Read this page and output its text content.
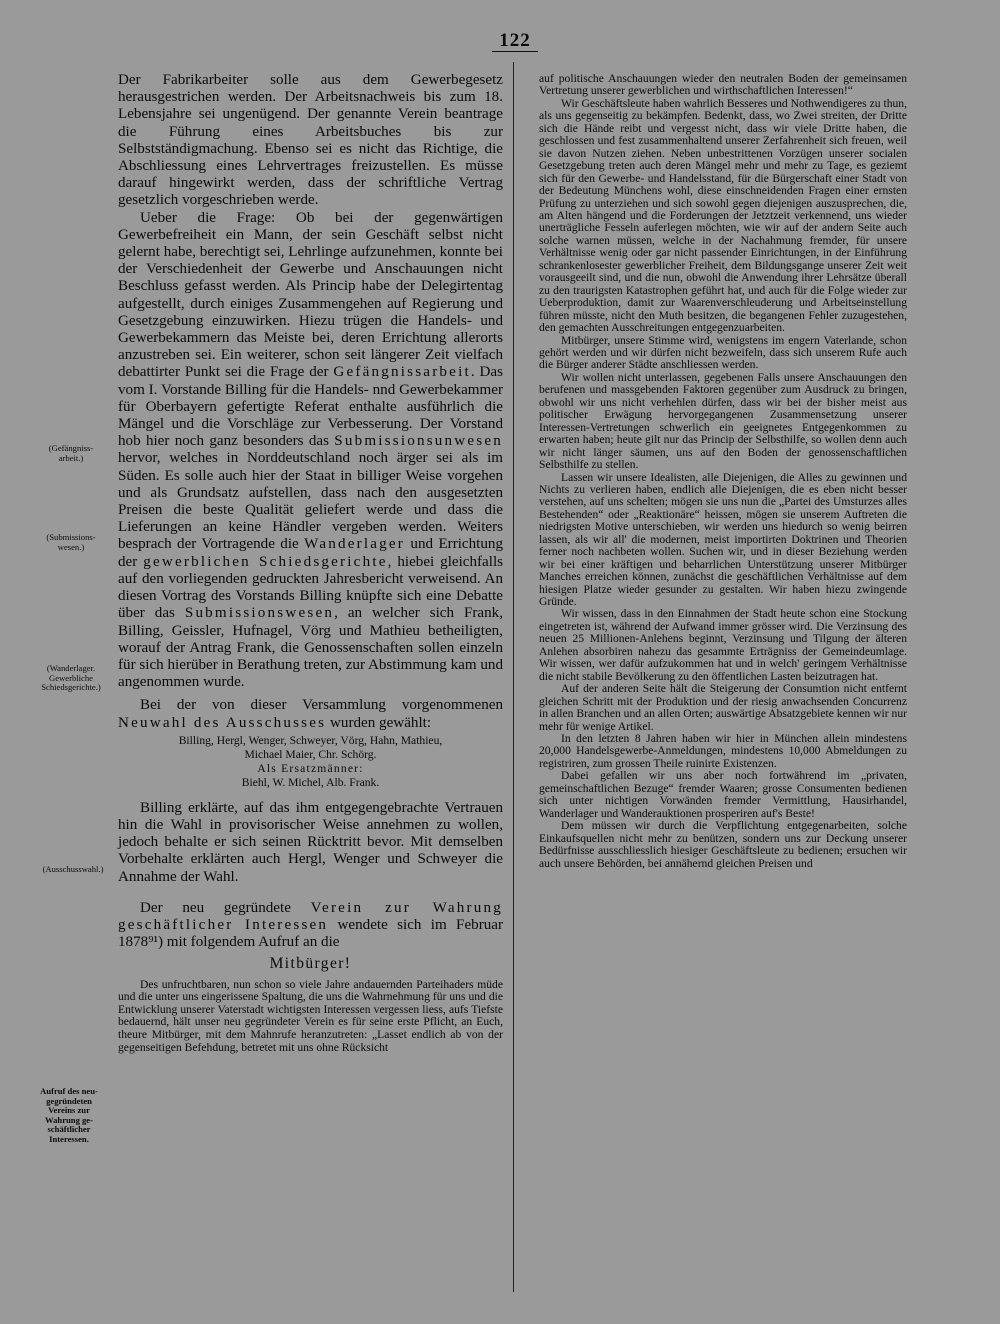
122
(Gefängniss-
arbeit.)
(Submissions-
wesen.)
(Wanderlager.
Gewerbliche
Schiedsgerichte.)
(Ausschusswahl.)
Aufruf des neu-
gegründeten
Vereins zur
Wahrung ge-
schäftlicher
Interessen.

Der Fabrikarbeiter solle aus dem Gewerbegesetz herausgestrichen werden. Der Arbeitsnachweis bis zum 18. Lebensjahre sei ungenügend. Der genannte Verein beantrage die Führung eines Arbeitsbuches bis zur Selbstständigmachung. Ebenso sei es nicht das Richtige, die Abschliessung eines Lehrvertrages freizustellen. Es müsse darauf hingewirkt werden, dass der schriftliche Vertrag gesetzlich vorgeschrieben werde.

Ueber die Frage: Ob bei der gegenwärtigen Gewerbefreiheit ein Mann, der sein Geschäft selbst nicht gelernt habe, berechtigt sei, Lehrlinge aufzunehmen, konnte bei der Verschiedenheit der Gewerbe und Anschauungen nicht Beschluss gefasst werden. Als Princip habe der Delegirtentag aufgestellt, durch einiges Zusammengehen auf Regierung und Gesetzgebung einzuwirken. Hiezu trügen die Handels- und Gewerbekammern das Meiste bei, deren Errichtung allerorts anzustreben sei. Ein weiterer, schon seit längerer Zeit vielfach debattirter Punkt sei die Frage der Gefängnissarbeit. Das vom I. Vorstande Billing für die Handels- nnd Gewerbekammer für Oberbayern gefertigte Referat enthalte ausführlich die Mängel und die Vorschläge zur Verbesserung. Der Vorstand hob hier noch ganz besonders das Submissionsunwesen hervor, welches in Norddeutschland noch ärger sei als im Süden. Es solle auch hier der Staat in billiger Weise vorgehen und als Grundsatz aufstellen, dass nach den ausgesetzten Preisen die beste Qualität geliefert werde und dass die Lieferungen an keine Händler vergeben werden. Weiters besprach der Vortragende die Wanderlager und Errichtung der gewerblichen Schiedsgerichte, hiebei gleichfalls auf den vorliegenden gedruckten Jahresbericht verweisend. An diesen Vortrag des Vorstands Billing knüpfte sich eine Debatte über das Submissionswesen, an welcher sich Frank, Billing, Geissler, Hufnagel, Vörg und Mathieu betheiligten, worauf der Antrag Frank, die Genossenschaften sollen einzeln für sich hierüber in Berathung treten, zur Abstimmung kam und angenommen wurde.

Bei der von dieser Versammlung vorgenommenen Neuwahl des Ausschusses wurden gewählt:

Billing, Hergl, Wenger, Schweyer, Vörg, Hahn, Mathieu,
Michael Maier, Chr. Schörg.
Als Ersatzmänner:
Biehl, W. Michel, Alb. Frank.

Billing erklärte, auf das ihm entgegengebrachte Vertrauen hin die Wahl in provisorischer Weise annehmen zu wollen, jedoch behalte er sich seinen Rücktritt bevor. Mit demselben Vorbehalte erklärten auch Hergl, Wenger und Schweyer die Annahme der Wahl.

Der neu gegründete Verein zur Wahrung geschäftlicher Interessen wendete sich im Februar 1878⁹¹) mit folgendem Aufruf an die

Mitbürger!

Des unfruchtbaren, nun schon so viele Jahre andauernden Parteihaders müde und die unter uns eingerissene Spaltung, die uns die Wahrnehmung für uns und die Entwicklung unserer Vaterstadt wichtigsten Interessen vergessen liess, aufs Tiefste bedauernd, hält unser neu gegründeter Verein es für seine erste Pflicht, an Euch, theure Mitbürger, mit dem Mahnrufe heranzutreten: „Lasset endlich ab von der gegenseitigen Befehdung, betretet mit uns ohne Rücksicht

auf politische Anschauungen wieder den neutralen Boden der gemeinsamen Vertretung unserer gewerblichen und wirthschaftlichen Interessen!“

Wir Geschäftsleute haben wahrlich Besseres und Nothwendigeres zu thun, als uns gegenseitig zu bekämpfen. Bedenkt, dass, wo Zwei streiten, der Dritte sich die Hände reibt und vergesst nicht, dass wir viele Dritte haben, die geschlossen und fest zusammenhaltend unserer Zerfahrenheit sich freuen, weil sie davon Nutzen ziehen. Neben unbestrittenen Vorzügen unserer socialen Gesetzgebung treten auch deren Mängel mehr und mehr zu Tage, es geziemt sich für den Gewerbe- und Handelsstand, für die Bürgerschaft einer Stadt von der Bedeutung Münchens wohl, diese einschneidenden Fragen einer ernsten Prüfung zu unterziehen und sich sowohl gegen diejenigen auszusprechen, die, am Alten hängend und die Forderungen der Jetztzeit verkennend, uns wieder unerträgliche Fesseln auferlegen möchten, wie wir auf der andern Seite auch solche warnen müssen, welche in der Nachahmung fremder, für unsere Verhältnisse wenig oder gar nicht passender Einrichtungen, in der Einführung schrankenlosester gewerblicher Freiheit, dem Bildungsgange unserer Zeit weit vorausgeeilt sind, und die nun, obwohl die Anwendung ihrer Lehrsätze überall zu den traurigsten Katastrophen geführt hat, und auch für die Folge wieder zur Ueberproduktion, damit zur Waarenverschleuderung und Arbeitseinstellung führen müsste, nicht den Muth besitzen, die begangenen Fehler zuzugestehen, den gemachten Ausschreitungen entgegenzuarbeiten.

Mitbürger, unsere Stimme wird, wenigstens im engern Vaterlande, schon gehört werden und wir dürfen nicht bezweifeln, dass sich unserem Rufe auch die Bürger anderer Städte anschliessen werden.

Wir wollen nicht unterlassen, gegebenen Falls unsere Anschauungen den berufenen und massgebenden Faktoren gegenüber zum Ausdruck zu bringen, obwohl wir uns nicht verhehlen dürfen, dass wir bei der bisher meist aus politischer Erwägung hervorgegangenen Zusammensetzung unserer Interessen-Vertretungen schwerlich ein geeignetes Entgegenkommen zu erwarten haben; heute gilt nur das Princip der Selbsthilfe, so wollen denn auch wir nicht länger säumen, uns auf den Boden der genossenschaftlichen Selbsthilfe zu stellen.

Lassen wir unsere Idealisten, alle Diejenigen, die Alles zu gewinnen und Nichts zu verlieren haben, endlich alle Diejenigen, die es eben nicht besser verstehen, auf uns schelten; mögen sie uns nun die „Partei des Umsturzes alles Bestehenden“ oder „Reaktionäre“ heissen, mögen sie unserem Auftreten die niedrigsten Motive unterschieben, wir werden uns hiedurch so wenig beirren lassen, als wir all' die modernen, meist importirten Doktrinen und Theorien ferner noch nachbeten wollen. Suchen wir, und in dieser Beziehung werden wir bei einer kräftigen und beharrlichen Unterstützung unserer Mitbürger Manches erreichen können, zunächst die geschäftlichen Verhältnisse auf dem hiesigen Platze wieder gesunder zu gestalten. Wir haben hiezu zwingende Gründe.

Wir wissen, dass in den Einnahmen der Stadt heute schon eine Stockung eingetreten ist, während der Aufwand immer grösser wird. Die Verzinsung des neuen 25 Millionen-Anlehens beginnt, Verzinsung und Tilgung der älteren Anlehen absorbiren nahezu das gesammte Erträgniss der Gemeindeumlage. Wir wissen, wer dafür aufzukommen hat und in welch' geringem Verhältnisse die nicht stabile Bevölkerung zu den öffentlichen Lasten beizutragen hat.

Auf der anderen Seite hält die Steigerung der Consumtion nicht entfernt gleichen Schritt mit der Produktion und der riesig anwachsenden Concurrenz in allen Branchen und an allen Orten; auswärtige Absatzgebiete kennen wir nur mehr für wenige Artikel.

In den letzten 8 Jahren haben wir hier in München allein mindestens 20,000 Handelsgewerbe-Anmeldungen, mindestens 10,000 Abmeldungen zu registriren, zum grossen Theile ruinirte Existenzen.

Dabei gefallen wir uns aber noch fortwährend im „privaten, gemeinschaftlichen Bezuge“ fremder Waaren; grosse Consumenten bedienen sich unter nichtigen Vorwänden fremder Vermittlung, Hausirhandel, Wanderlager und Wanderauktionen prosperiren auf's Beste!

Dem müssen wir durch die Verpflichtung entgegenarbeiten, solche Einkaufsquellen nicht mehr zu benützen, sondern uns zur Deckung unserer Bedürfnisse ausschliesslich hiesiger Geschäftsleute zu bedienen; ersuchen wir auch unsere Behörden, bei annähernd gleichen Preisen und
